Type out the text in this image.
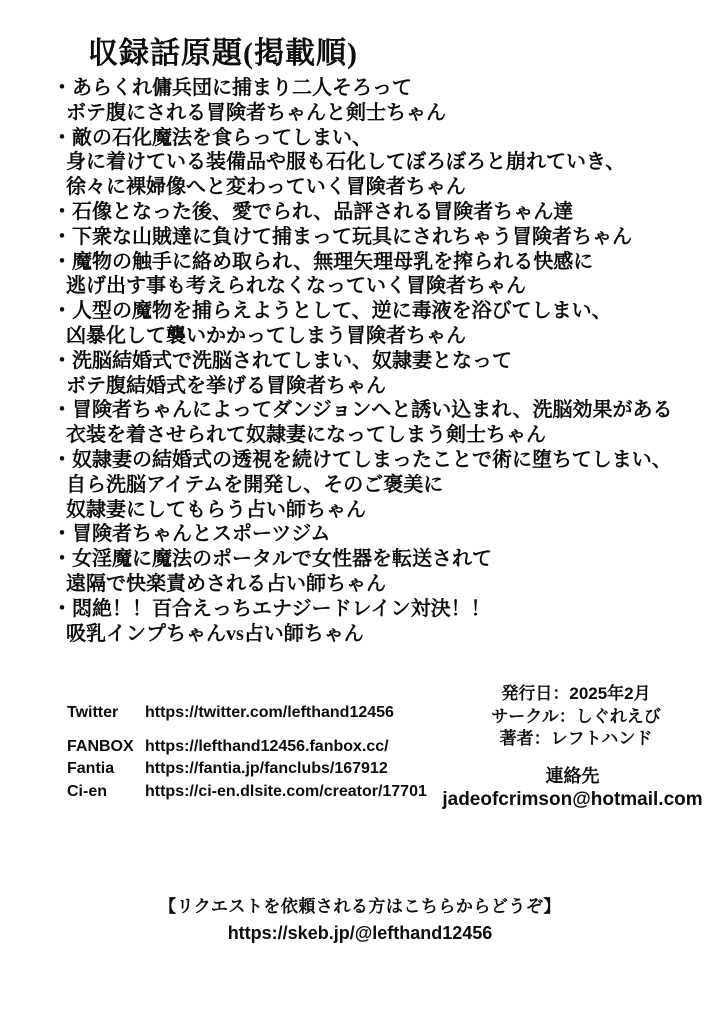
収録話原題(掲載順)
・あらくれ傭兵団に捕まり二人そろって
ボテ腹にされる冒険者ちゃんと剣士ちゃん
・敵の石化魔法を食らってしまい、
身に着けている装備品や服も石化してぼろぼろと崩れていき、
徐々に裸婦像へと変わっていく冒険者ちゃん
・石像となった後、愛でられ、品評される冒険者ちゃん達
・下衆な山賊達に負けて捕まって玩具にされちゃう冒険者ちゃん
・魔物の触手に絡め取られ、無理矢理母乳を搾られる快感に
逃げ出す事も考えられなくなっていく冒険者ちゃん
・人型の魔物を捕らえようとして、逆に毒液を浴びてしまい、
凶暴化して襲いかかってしまう冒険者ちゃん
・洗脳結婚式で洗脳されてしまい、奴隷妻となって
ボテ腹結婚式を挙げる冒険者ちゃん
・冒険者ちゃんによってダンジョンへと誘い込まれ、洗脳効果がある
衣装を着させられて奴隷妻になってしまう剣士ちゃん
・奴隷妻の結婚式の透視を続けてしまったことで術に堕ちてしまい、
自ら洗脳アイテムを開発し、そのご褒美に
奴隷妻にしてもらう占い師ちゃん
・冒険者ちゃんとスポーツジム
・女淫魔に魔法のポータルで女性器を転送されて
遠隔で快楽責めされる占い師ちゃん
・悶絶！！百合えっちエナジードレイン対決！！
吸乳インプちゃんvs占い師ちゃん
Twitter	https://twitter.com/lefthand12456
FANBOX https://lefthand12456.fanbox.cc/
Fantia	https://fantia.jp/fanclubs/167912
Ci-en	https://ci-en.dlsite.com/creator/17701
発行日：2025年2月
サークル：しぐれえび
著者：レフトハンド
連絡先
jadeofcrimson@hotmail.com
【リクエストを依頼される方はこちらからどうぞ】
https://skeb.jp/@lefthand12456
